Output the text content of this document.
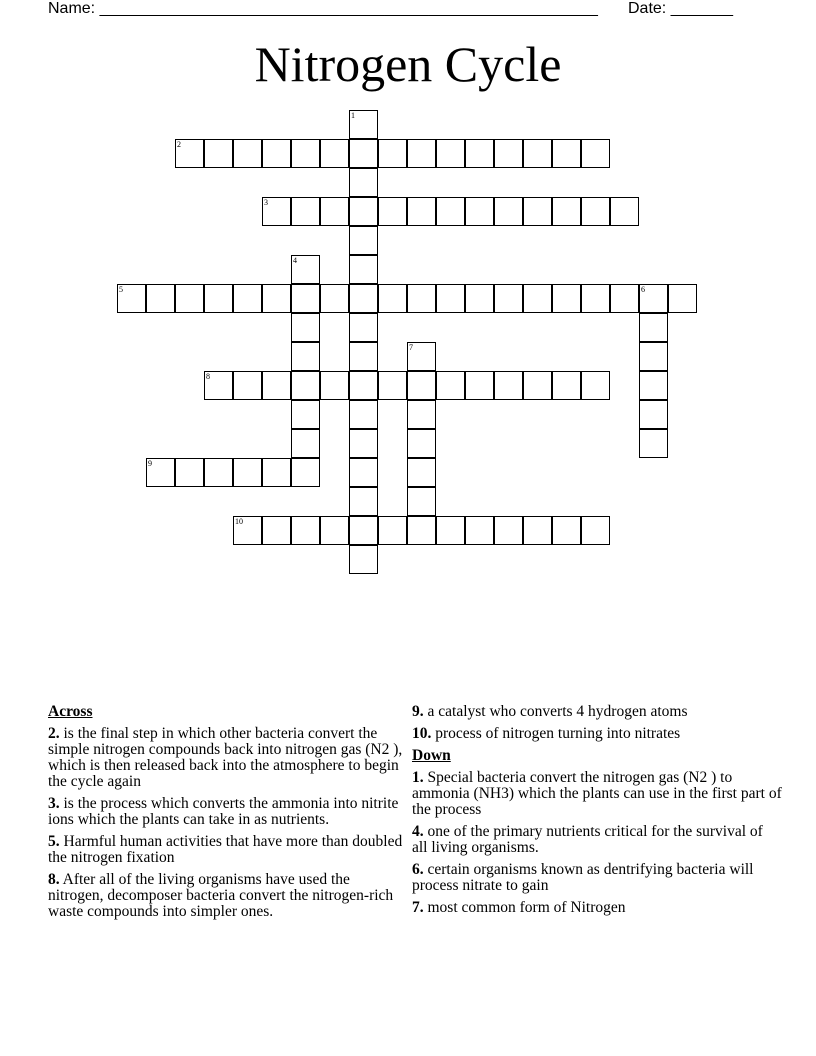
Name: ________________________________________________________ Date: _______
Nitrogen Cycle
1
2
3
4
5	6
7
8
9
10
Across
2. is the final step in which other bacteria convert the simple nitrogen compounds back into nitrogen gas (N2 ), which is then released back into the atmosphere to begin the cycle again
3. is the process which converts the ammonia into nitrite ions which the plants can take in as nutrients.
5. Harmful human activities that have more than doubled the nitrogen fixation
8. After all of the living organisms have used the nitrogen, decomposer bacteria convert the nitrogen-rich waste compounds into simpler ones.
9. a catalyst who converts 4 hydrogen atoms
10. process of nitrogen turning into nitrates
Down
1. Special bacteria convert the nitrogen gas (N2 ) to ammonia (NH3) which the plants can use in the first part of the process
4. one of the primary nutrients critical for the survival of all living organisms.
6. certain organisms known as dentrifying bacteria will process nitrate to gain
7. most common form of Nitrogen
